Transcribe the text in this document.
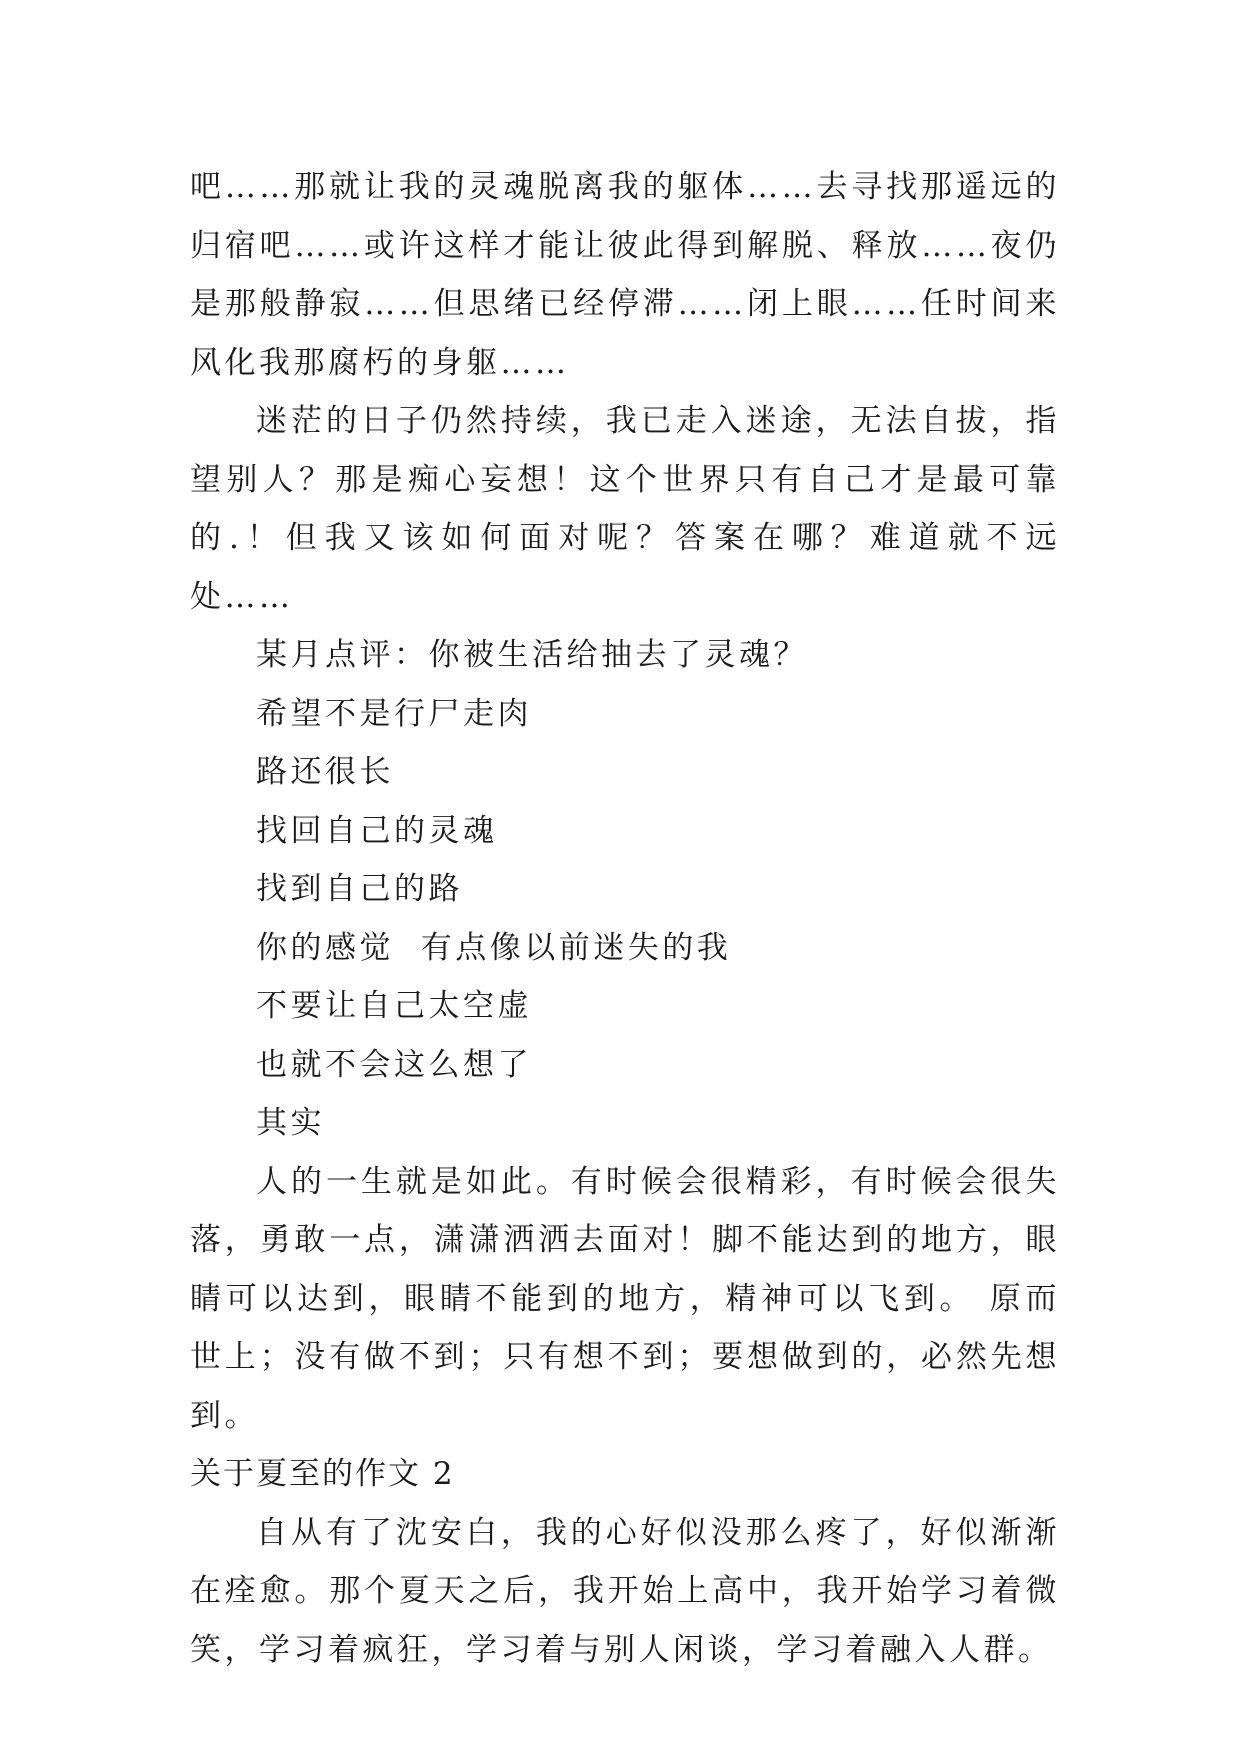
吧……那就让我的灵魂脱离我的躯体……去寻找那遥远的归宿吧……或许这样才能让彼此得到解脱、释放……夜仍是那般静寂……但思绪已经停滞……闭上眼……任时间来风化我那腐朽的身躯……

迷茫的日子仍然持续，我已走入迷途，无法自拔，指望别人？那是痴心妄想！这个世界只有自己才是最可靠的.！但我又该如何面对呢？答案在哪？难道就不远处……

某月点评：你被生活给抽去了灵魂？

希望不是行尸走肉

路还很长

找回自己的灵魂

找到自己的路

你的感觉  有点像以前迷失的我

不要让自己太空虚

也就不会这么想了

其实

人的一生就是如此。有时候会很精彩，有时候会很失落，勇敢一点，潇潇洒洒去面对！脚不能达到的地方，眼睛可以达到，眼睛不能到的地方，精神可以飞到。 原而世上；没有做不到；只有想不到；要想做到的，必然先想到。

关于夏至的作文 2

自从有了沈安白，我的心好似没那么疼了，好似渐渐在痊愈。那个夏天之后，我开始上高中，我开始学习着微笑，学习着疯狂，学习着与别人闲谈，学习着融入人群。
